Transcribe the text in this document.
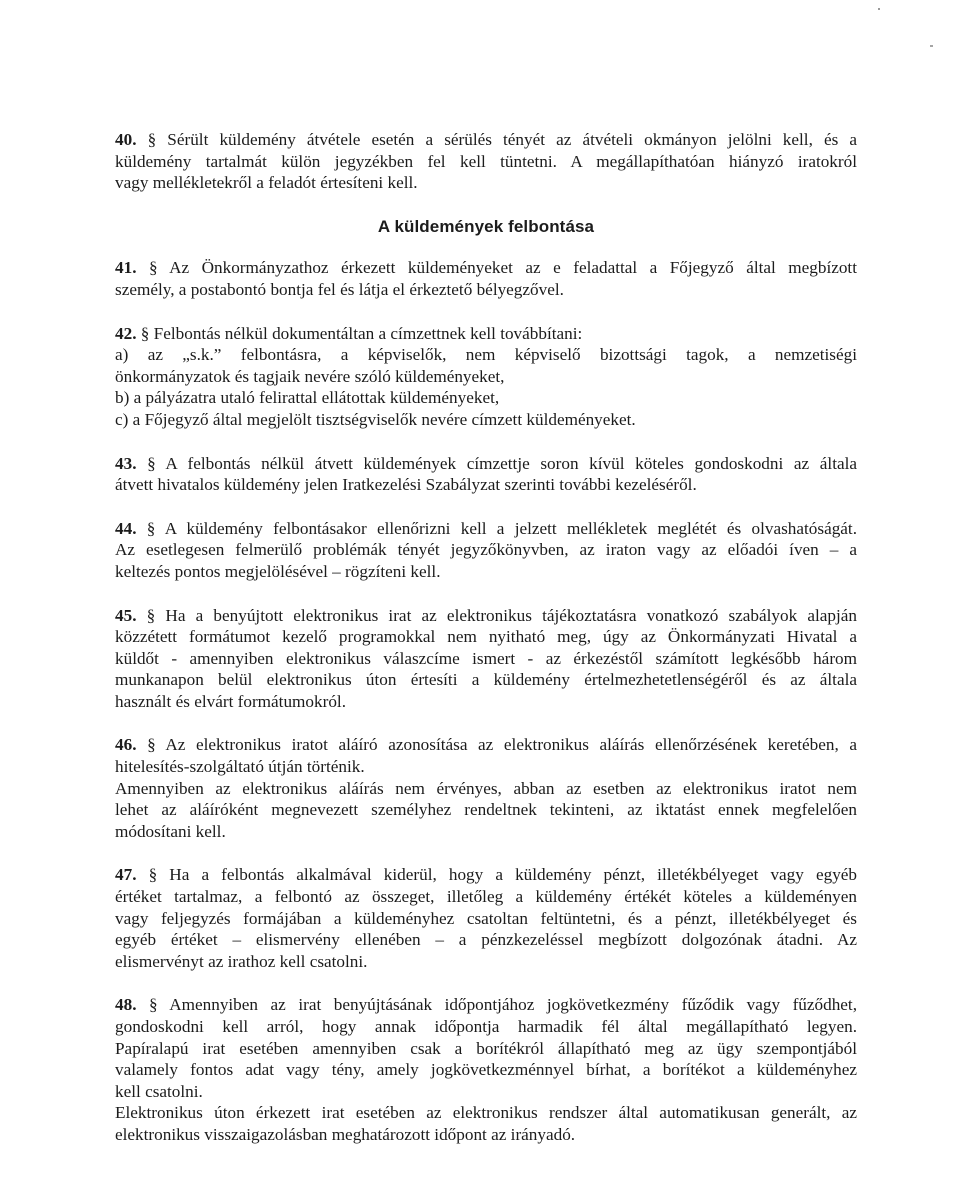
40. § Sérült küldemény átvétele esetén a sérülés tényét az átvételi okmányon jelölni kell, és a
küldemény tartalmát külön jegyzékben fel kell tüntetni. A megállapíthatóan hiányzó iratokról
vagy mellékletekről a feladót értesíteni kell.
A küldemények felbontása
41. § Az Önkormányzathoz érkezett küldeményeket az e feladattal a Főjegyző által megbízott
személy, a postabontó bontja fel és látja el érkeztető bélyegzővel.
42. § Felbontás nélkül dokumentáltan a címzettnek kell továbbítani:
a) az „s.k.” felbontásra, a képviselők, nem képviselő bizottsági tagok, a nemzetiségi
önkormányzatok és tagjaik nevére szóló küldeményeket,
b) a pályázatra utaló felirattal ellátottak küldeményeket,
c) a Főjegyző által megjelölt tisztségviselők nevére címzett küldeményeket.
43. § A felbontás nélkül átvett küldemények címzettje soron kívül köteles gondoskodni az általa
átvett hivatalos küldemény jelen Iratkezelési Szabályzat szerinti további kezeléséről.
44. § A küldemény felbontásakor ellenőrizni kell a jelzett mellékletek meglétét és olvashatóságát.
Az esetlegesen felmerülő problémák tényét jegyzőkönyvben, az iraton vagy az előadói íven – a
keltezés pontos megjelölésével – rögzíteni kell.
45. § Ha a benyújtott elektronikus irat az elektronikus tájékoztatásra vonatkozó szabályok alapján
közzétett formátumot kezelő programokkal nem nyitható meg, úgy az Önkormányzati Hivatal a
küldőt - amennyiben elektronikus válaszcíme ismert - az érkezéstől számított legkésőbb három
munkanapon belül elektronikus úton értesíti a küldemény értelmezhetetlenségéről és az általa
használt és elvárt formátumokról.
46. § Az elektronikus iratot aláíró azonosítása az elektronikus aláírás ellenőrzésének keretében, a
hitelesítés-szolgáltató útján történik.
Amennyiben az elektronikus aláírás nem érvényes, abban az esetben az elektronikus iratot nem
lehet az aláíróként megnevezett személyhez rendeltnek tekinteni, az iktatást ennek megfelelően
módosítani kell.
47. § Ha a felbontás alkalmával kiderül, hogy a küldemény pénzt, illetékbélyeget vagy egyéb
értéket tartalmaz, a felbontó az összeget, illetőleg a küldemény értékét köteles a küldeményen
vagy feljegyzés formájában a küldeményhez csatoltan feltüntetni, és a pénzt, illetékbélyeget és
egyéb értéket – elismervény ellenében – a pénzkezeléssel megbízott dolgozónak átadni. Az
elismervényt az irathoz kell csatolni.
48. § Amennyiben az irat benyújtásának időpontjához jogkövetkezmény fűződik vagy fűződhet,
gondoskodni kell arról, hogy annak időpontja harmadik fél által megállapítható legyen.
Papíralapú irat esetében amennyiben csak a borítékról állapítható meg az ügy szempontjából
valamely fontos adat vagy tény, amely jogkövetkezménnyel bírhat, a borítékot a küldeményhez
kell csatolni.
Elektronikus úton érkezett irat esetében az elektronikus rendszer által automatikusan generált, az
elektronikus visszaigazolásban meghatározott időpont az irányadó.
